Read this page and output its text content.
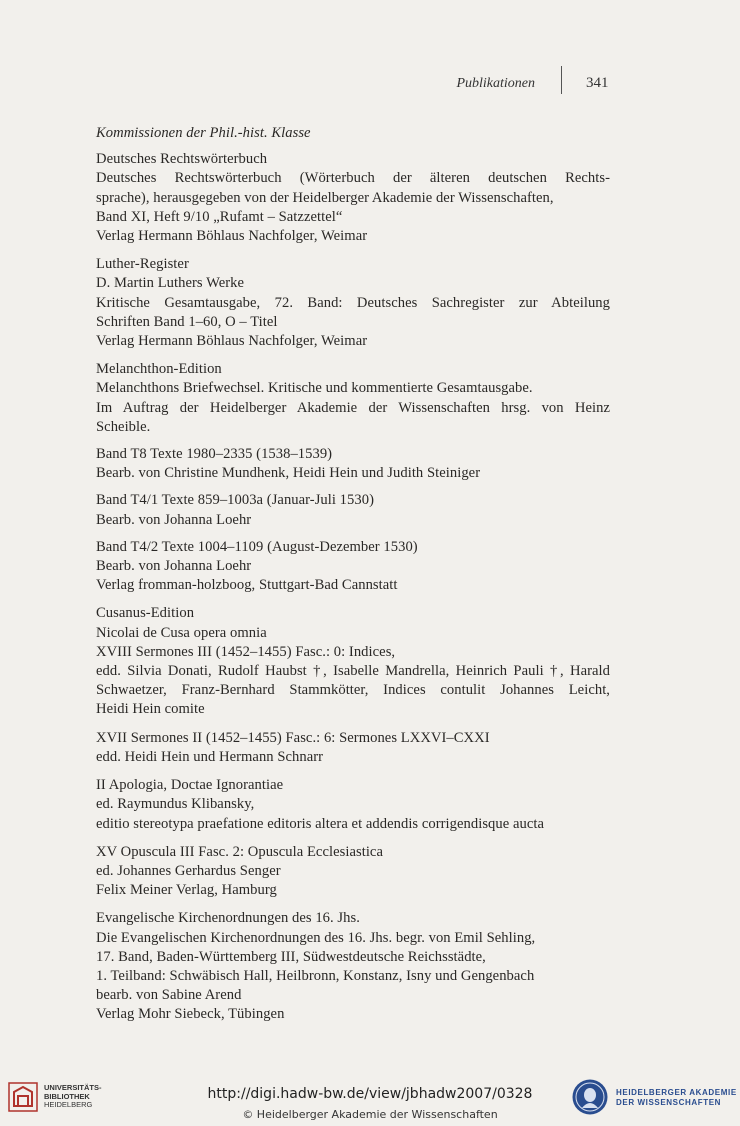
Publikationen	341
Kommissionen der Phil.-hist. Klasse
Deutsches Rechtswörterbuch
Deutsches Rechtswörterbuch (Wörterbuch der älteren deutschen Rechts-
sprache), herausgegeben von der Heidelberger Akademie der Wissenschaften,
Band XI, Heft 9/10 „Rufamt – Satzzettel“
Verlag Hermann Böhlaus Nachfolger, Weimar
Luther-Register
D. Martin Luthers Werke
Kritische Gesamtausgabe, 72. Band: Deutsches Sachregister zur Abteilung
Schriften Band 1–60, O – Titel
Verlag Hermann Böhlaus Nachfolger, Weimar
Melanchthon-Edition
Melanchthons Briefwechsel. Kritische und kommentierte Gesamtausgabe.
Im Auftrag der Heidelberger Akademie der Wissenschaften hrsg. von Heinz
Scheible.
Band T8 Texte 1980–2335 (1538–1539)
Bearb. von Christine Mundhenk, Heidi Hein und Judith Steiniger
Band T4/1 Texte 859–1003a (Januar-Juli 1530)
Bearb. von Johanna Loehr
Band T4/2 Texte 1004–1109 (August-Dezember 1530)
Bearb. von Johanna Loehr
Verlag fromman-holzboog, Stuttgart-Bad Cannstatt
Cusanus-Edition
Nicolai de Cusa opera omnia
XVIII Sermones III (1452–1455) Fasc.: 0: Indices,
edd. Silvia Donati, Rudolf Haubst †, Isabelle Mandrella, Heinrich Pauli †, Harald
Schwaetzer, Franz-Bernhard Stammkötter, Indices contulit Johannes Leicht,
Heidi Hein comite
XVII Sermones II (1452–1455) Fasc.: 6: Sermones LXXVI–CXXI
edd. Heidi Hein und Hermann Schnarr
II Apologia, Doctae Ignorantiae
ed. Raymundus Klibansky,
editio stereotypa praefatione editoris altera et addendis corrigendisque aucta
XV Opuscula III Fasc. 2: Opuscula Ecclesiastica
ed. Johannes Gerhardus Senger
Felix Meiner Verlag, Hamburg
Evangelische Kirchenordnungen des 16. Jhs.
Die Evangelischen Kirchenordnungen des 16. Jhs. begr. von Emil Sehling,
17. Band, Baden-Württemberg III, Südwestdeutsche Reichsstädte,
1. Teilband: Schwäbisch Hall, Heilbronn, Konstanz, Isny und Gengenbach
bearb. von Sabine Arend
Verlag Mohr Siebeck, Tübingen
UNIVERSITÄTS-
BIBLIOTHEK
HEIDELBERG
http://digi.hadw-bw.de/view/jbhadw2007/0328
© Heidelberger Akademie der Wissenschaften
HEIDELBERGER AKADEMIE
DER WISSENSCHAFTEN
